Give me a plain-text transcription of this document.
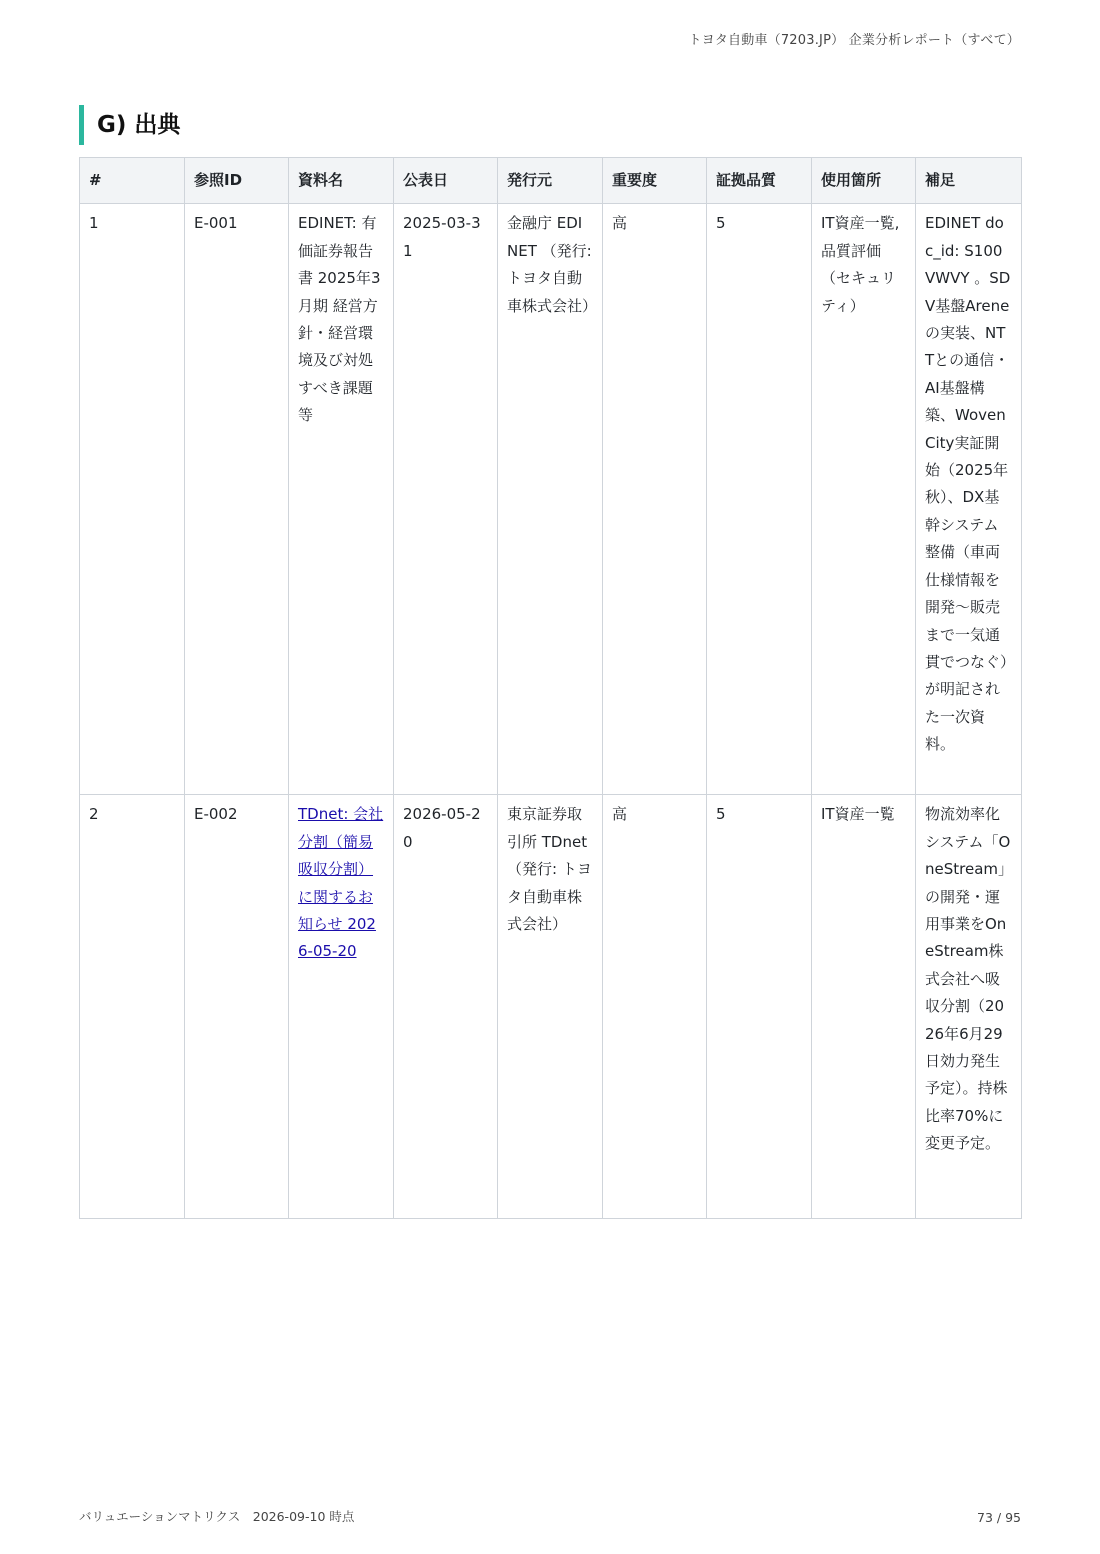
トヨタ自動車（7203.JP） 企業分析レポート（すべて）
G) 出典
#	参照ID	資料名	公表日	発行元	重要度	証拠品質	使用箇所	補足
1	E-001	EDINET: 有価証券報告書 2025年3月期 経営方針・経営環境及び対処すべき課題等	2025-03-31	金融庁 EDINET （発行: トヨタ自動車株式会社）	高	5	IT資産一覧, 品質評価 （セキュリティ）	EDINET doc_id: S100VWVY 。SDV基盤Areneの実装、NTTとの通信・AI基盤構築、Woven City実証開始（2025年秋）、DX基幹システム整備（車両仕様情報を開発〜販売まで一気通貫でつなぐ）が明記された一次資料。
2	E-002	TDnet: 会社分割（簡易吸収分割）に関するお知らせ 2026-05-20	2026-05-20	東京証券取引所 TDnet （発行: トヨタ自動車株式会社）	高	5	IT資産一覧	物流効率化システム「OneStream」の開発・運用事業をOneStream株式会社へ吸収分割（2026年6月29日効力発生予定）。持株比率70%に変更予定。
バリュエーションマトリクス　2026-09-10 時点	73 / 95
